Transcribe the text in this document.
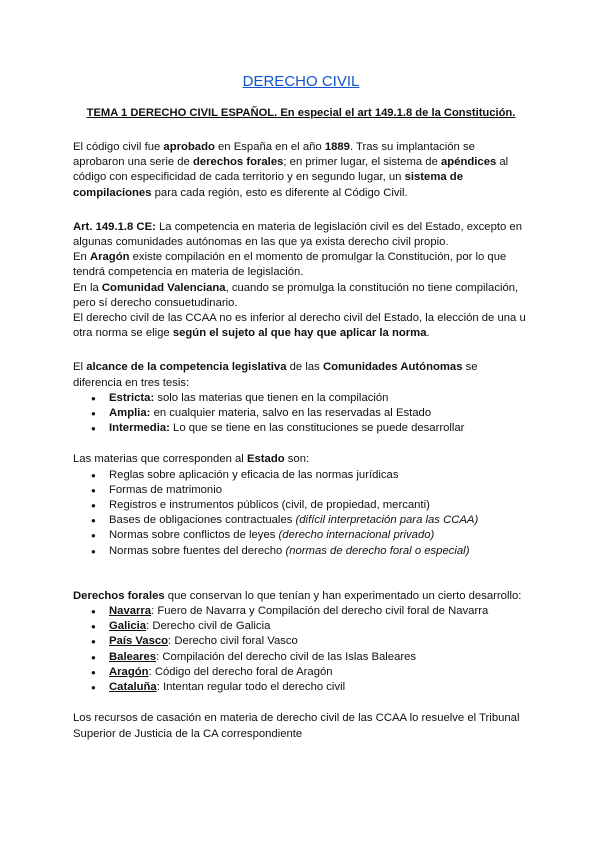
DERECHO CIVIL

TEMA 1 DERECHO CIVIL ESPAÑOL. En especial el art 149.1.8 de la Constitución.

El código civil fue aprobado en España en el año 1889. Tras su implantación se aprobaron una serie de derechos forales; en primer lugar, el sistema de apéndices al código con especificidad de cada territorio y en segundo lugar, un sistema de compilaciones para cada región, esto es diferente al Código Civil.

Art. 149.1.8 CE: La competencia en materia de legislación civil es del Estado, excepto en algunas comunidades autónomas en las que ya exista derecho civil propio.

En Aragón existe compilación en el momento de promulgar la Constitución, por lo que tendrá competencia en materia de legislación.

En la Comunidad Valenciana, cuando se promulga la constitución no tiene compilación, pero sí derecho consuetudinario.

El derecho civil de las CCAA no es inferior al derecho civil del Estado, la elección de una u otra norma se elige según el sujeto al que hay que aplicar la norma.

El alcance de la competencia legislativa de las Comunidades Autónomas se diferencia en tres tesis:

● Estricta: solo las materias que tienen en la compilación
● Amplia: en cualquier materia, salvo en las reservadas al Estado
● Intermedia: Lo que se tiene en las constituciones se puede desarrollar

Las materias que corresponden al Estado son:

● Reglas sobre aplicación y eficacia de las normas jurídicas
● Formas de matrimonio
● Registros e instrumentos públicos (civil, de propiedad, mercanti)
● Bases de obligaciones contractuales (difícil interpretación para las CCAA)
● Normas sobre conflictos de leyes (derecho internacional privado)
● Normas sobre fuentes del derecho (normas de derecho foral o especial)

Derechos forales que conservan lo que tenían y han experimentado un cierto desarrollo:

● Navarra: Fuero de Navarra y Compilación del derecho civil foral de Navarra
● Galicia: Derecho civil de Galicia
● País Vasco: Derecho civil foral Vasco
● Baleares: Compilación del derecho civil de las Islas Baleares
● Aragón: Código del derecho foral de Aragón
● Cataluña: Intentan regular todo el derecho civil

Los recursos de casación en materia de derecho civil de las CCAA lo resuelve el Tribunal Superior de Justicia de la CA correspondiente
